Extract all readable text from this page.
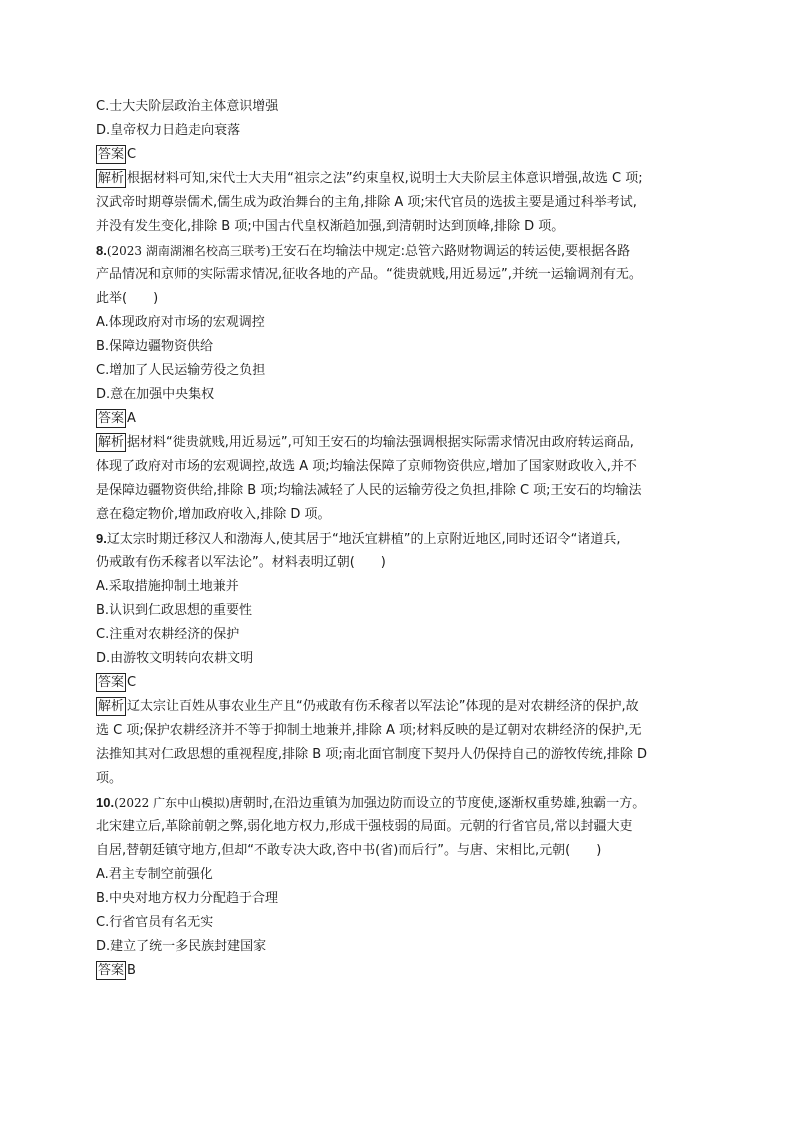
C.士大夫阶层政治主体意识增强
D.皇帝权力日趋走向衰落
答案 C
解析 根据材料可知,宋代士大夫用“祖宗之法”约束皇权,说明士大夫阶层主体意识增强,故选 C 项;
汉武帝时期尊崇儒术,儒生成为政治舞台的主角,排除 A 项;宋代官员的选拔主要是通过科举考试,
并没有发生变化,排除 B 项;中国古代皇权渐趋加强,到清朝时达到顶峰,排除 D 项。
8.(2023 湖南湖湘名校高三联考)王安石在均输法中规定:总管六路财物调运的转运使,要根据各路
产品情况和京师的实际需求情况,征收各地的产品。“徙贵就贱,用近易远”,并统一运输调剂有无。
此举(　　)
A.体现政府对市场的宏观调控
B.保障边疆物资供给
C.增加了人民运输劳役之负担
D.意在加强中央集权
答案 A
解析 据材料“徙贵就贱,用近易远”,可知王安石的均输法强调根据实际需求情况由政府转运商品,
体现了政府对市场的宏观调控,故选 A 项;均输法保障了京师物资供应,增加了国家财政收入,并不
是保障边疆物资供给,排除 B 项;均输法减轻了人民的运输劳役之负担,排除 C 项;王安石的均输法
意在稳定物价,增加政府收入,排除 D 项。
9.辽太宗时期迁移汉人和渤海人,使其居于“地沃宜耕植”的上京附近地区,同时还诏令“诸道兵,
仍戒敢有伤禾稼者以军法论”。材料表明辽朝(　　)
A.采取措施抑制土地兼并
B.认识到仁政思想的重要性
C.注重对农耕经济的保护
D.由游牧文明转向农耕文明
答案 C
解析 辽太宗让百姓从事农业生产且“仍戒敢有伤禾稼者以军法论”体现的是对农耕经济的保护,故
选 C 项;保护农耕经济并不等于抑制土地兼并,排除 A 项;材料反映的是辽朝对农耕经济的保护,无
法推知其对仁政思想的重视程度,排除 B 项;南北面官制度下契丹人仍保持自己的游牧传统,排除 D
项。
10.(2022 广东中山模拟)唐朝时,在沿边重镇为加强边防而设立的节度使,逐渐权重势雄,独霸一方。
北宋建立后,革除前朝之弊,弱化地方权力,形成干强枝弱的局面。元朝的行省官员,常以封疆大吏
自居,替朝廷镇守地方,但却“不敢专决大政,咨中书(省)而后行”。与唐、宋相比,元朝(　　)
A.君主专制空前强化
B.中央对地方权力分配趋于合理
C.行省官员有名无实
D.建立了统一多民族封建国家
答案 B
